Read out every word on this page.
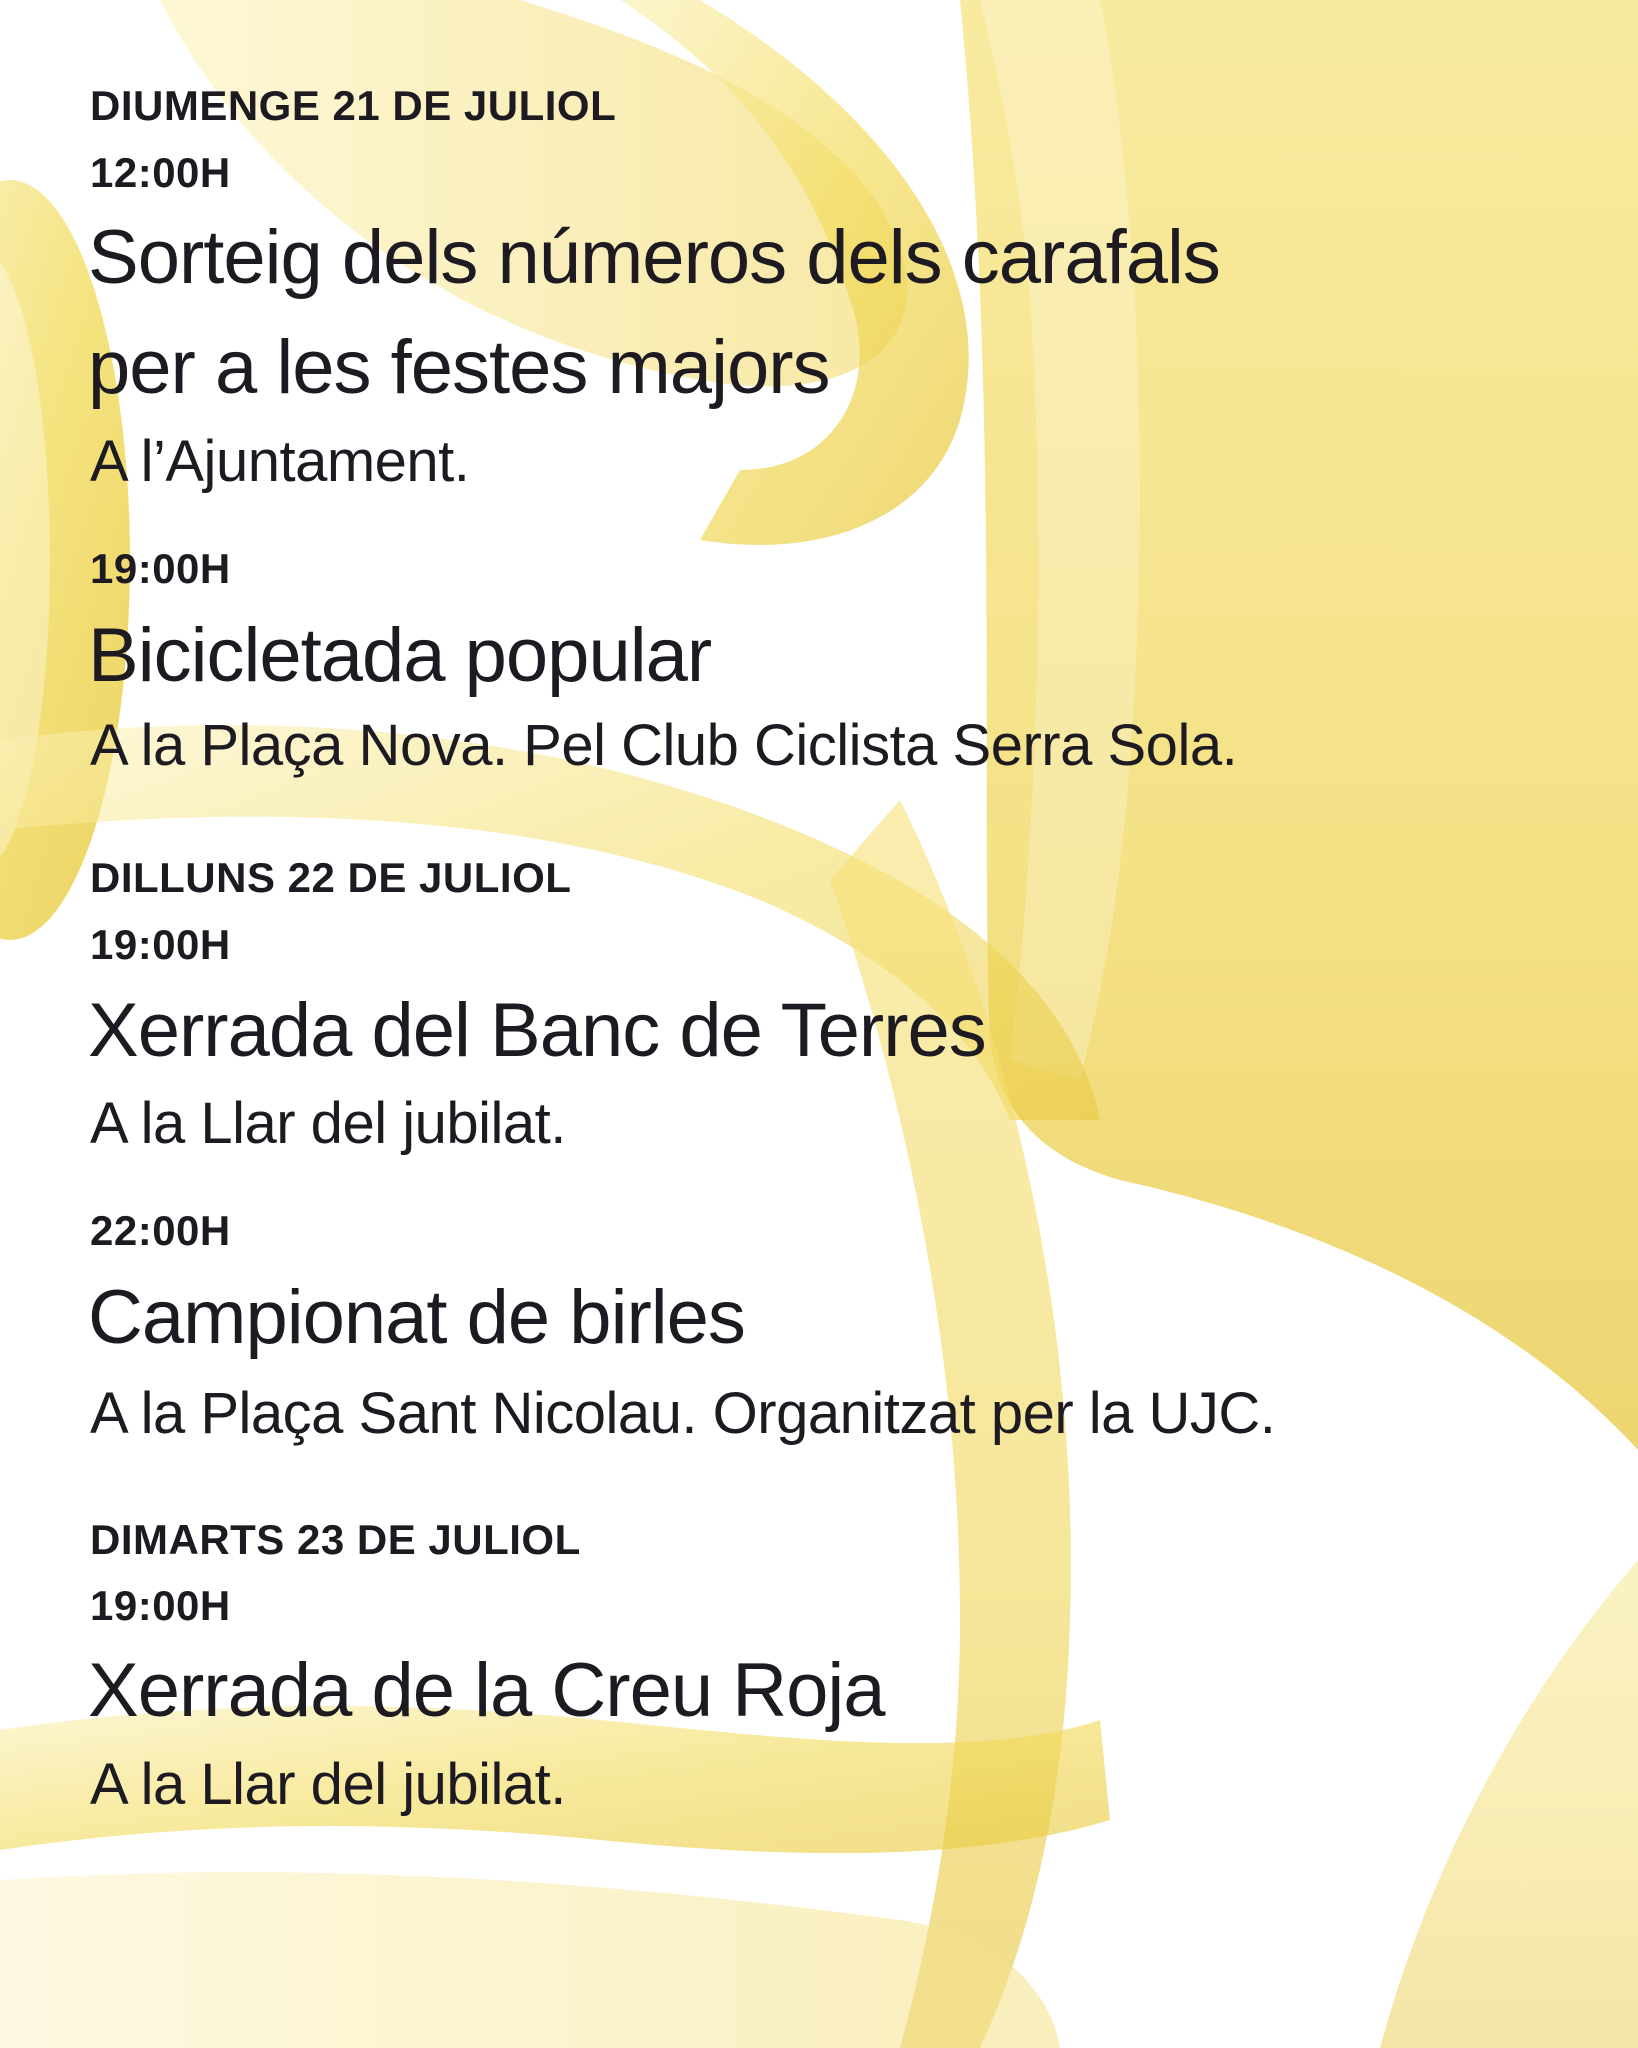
DIUMENGE 21 DE JULIOL
12:00H
Sorteig dels números dels carafals
per a les festes majors
A l’Ajuntament.
19:00H
Bicicletada popular
A la Plaça Nova. Pel Club Ciclista Serra Sola.
DILLUNS 22 DE JULIOL
19:00H
Xerrada del Banc de Terres
A la Llar del jubilat.
22:00H
Campionat de birles
A la Plaça Sant Nicolau. Organitzat per la UJC.
DIMARTS 23 DE JULIOL
19:00H
Xerrada de la Creu Roja
A la Llar del jubilat.
